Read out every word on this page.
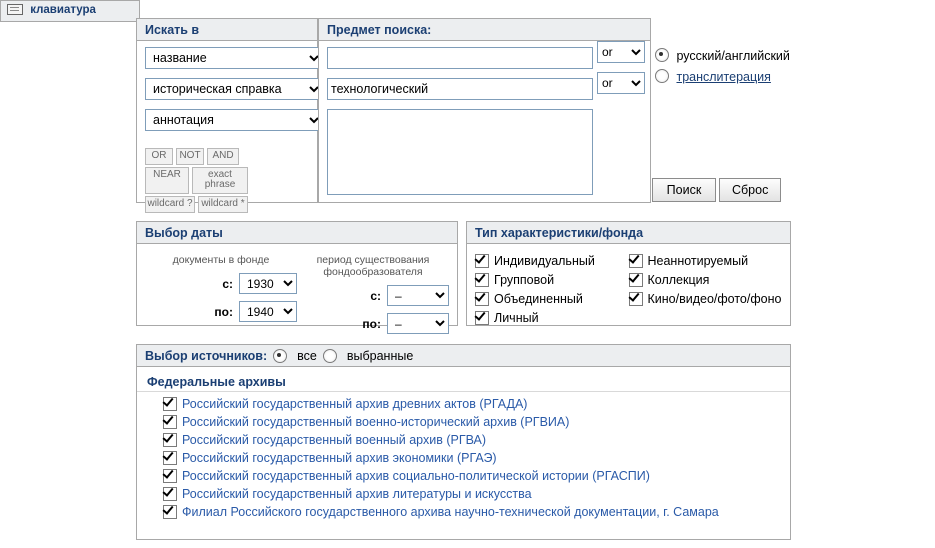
Искать в
название
историческая справка
аннотация
OR	NOT	AND
NEAR	exact phrase
wildcard ? wildcard *
Предмет поиска:
технологический
or
or
клавиатура
русский/английский
транслитерация
Поиск	Сброс
Выбор даты
документы в фонде
с:
1930
по:
1940
период существования фондообразователя
с:
–
по:
–
Тип характеристики/фонда
Индивидуальный
Групповой
Объединенный
Личный
Неаннотируемый
Коллекция
Кино/видео/фото/фоно
Выбор источников: все выбранные
Федеральные архивы
Российский государственный архив древних актов (РГАДА)
Российский государственный военно-исторический архив (РГВИА)
Российский государственный военный архив (РГВА)
Российский государственный архив экономики (РГАЭ)
Российский государственный архив социально-политической истории (РГАСПИ)
Российский государственный архив литературы и искусства
Филиал Российского государственного архива научно-технической документации, г. Самара
